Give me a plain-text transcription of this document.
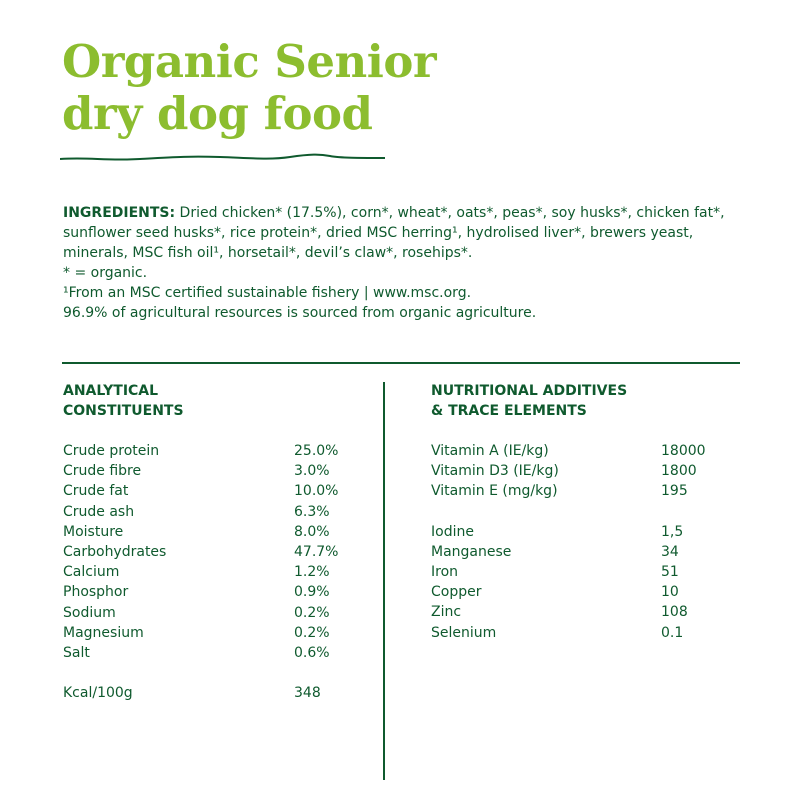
Organic Senior
dry dog food

INGREDIENTS: Dried chicken* (17.5%), corn*, wheat*, oats*, peas*, soy husks*, chicken fat*, sunflower seed husks*, rice protein*, dried MSC herring¹, hydrolised liver*, brewers yeast, minerals, MSC fish oil¹, horsetail*, devil’s claw*, rosehips*.

* = organic.

¹From an MSC certified sustainable fishery | www.msc.org.

96.9% of agricultural resources is sourced from organic agriculture.

ANALYTICAL
CONSTITUENTS
Crude protein	25.0%
Crude fibre	3.0%
Crude fat	10.0%
Crude ash	6.3%
Moisture	8.0%
Carbohydrates	47.7%
Calcium	1.2%
Phosphor	0.9%
Sodium	0.2%
Magnesium	0.2%
Salt	0.6%
Kcal/100g	348
NUTRITIONAL ADDITIVES
& TRACE ELEMENTS
Vitamin A (IE/kg)	18000
Vitamin D3 (IE/kg)	1800
Vitamin E (mg/kg)	195
Iodine	1,5
Manganese	34
Iron	51
Copper	10
Zinc	108
Selenium	0.1
